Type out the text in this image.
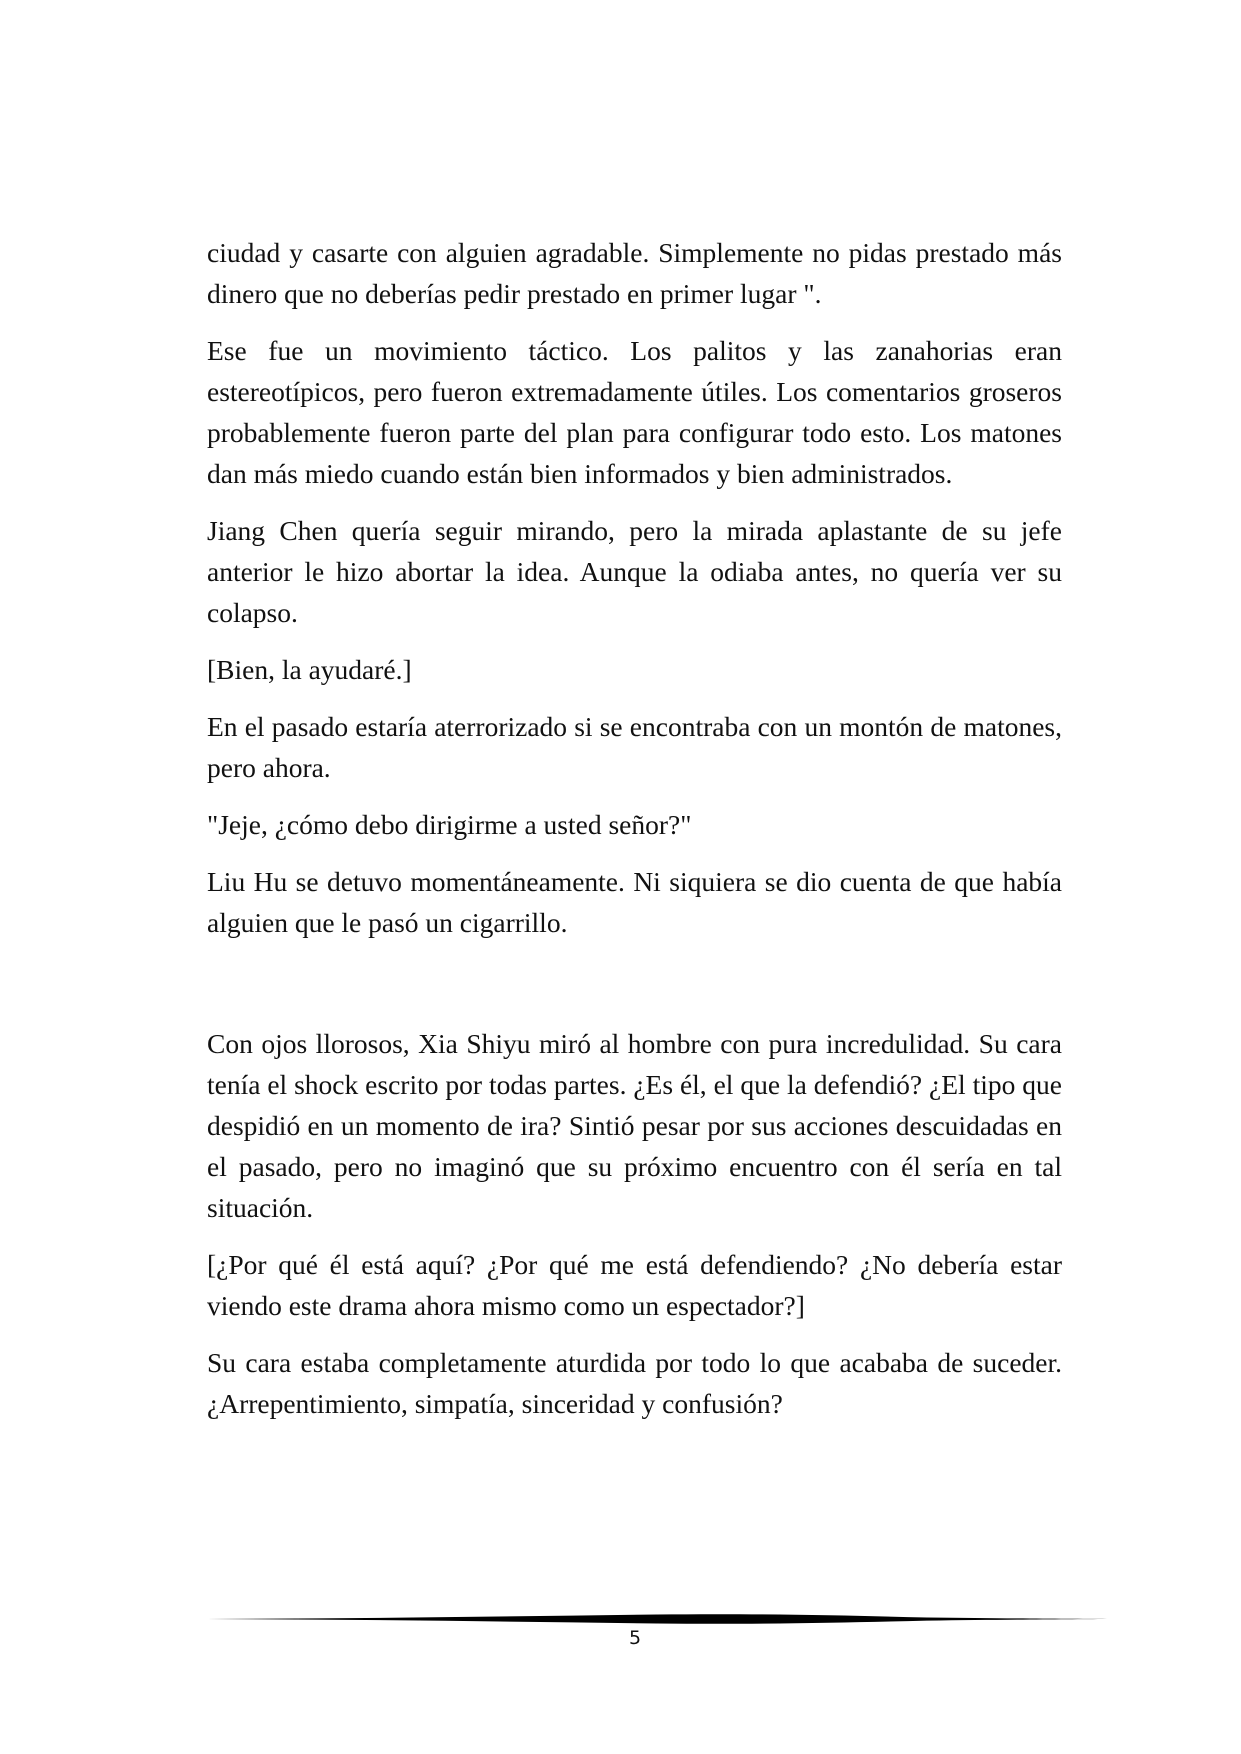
ciudad y casarte con alguien agradable. Simplemente no pidas prestado más dinero que no deberías pedir prestado en primer lugar ".

Ese fue un movimiento táctico. Los palitos y las zanahorias eran estereotípicos, pero fueron extremadamente útiles. Los comentarios groseros probablemente fueron parte del plan para configurar todo esto. Los matones dan más miedo cuando están bien informados y bien administrados.

Jiang Chen quería seguir mirando, pero la mirada aplastante de su jefe anterior le hizo abortar la idea. Aunque la odiaba antes, no quería ver su colapso.

[Bien, la ayudaré.]

En el pasado estaría aterrorizado si se encontraba con un montón de matones, pero ahora.

"Jeje, ¿cómo debo dirigirme a usted señor?"

Liu Hu se detuvo momentáneamente. Ni siquiera se dio cuenta de que había alguien que le pasó un cigarrillo.

Con ojos llorosos, Xia Shiyu miró al hombre con pura incredulidad. Su cara tenía el shock escrito por todas partes. ¿Es él, el que la defendió? ¿El tipo que despidió en un momento de ira? Sintió pesar por sus acciones descuidadas en el pasado, pero no imaginó que su próximo encuentro con él sería en tal situación.

[¿Por qué él está aquí? ¿Por qué me está defendiendo? ¿No debería estar viendo este drama ahora mismo como un espectador?]

Su cara estaba completamente aturdida por todo lo que acababa de suceder. ¿Arrepentimiento, simpatía, sinceridad y confusión?

5
